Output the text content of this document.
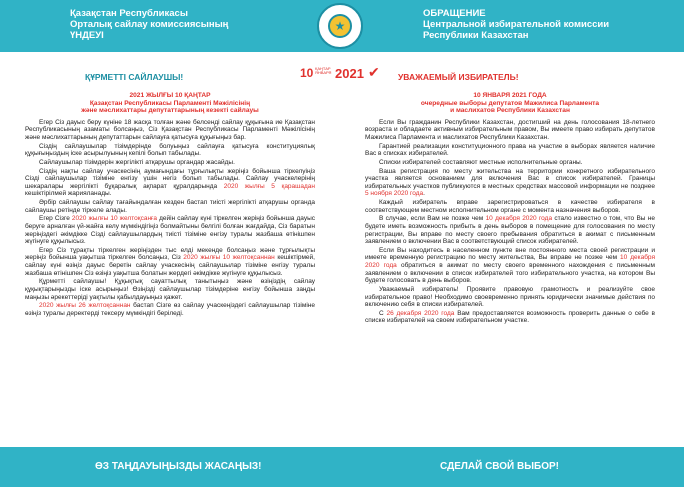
Қазақстан Республикасы
Орталық сайлау комиссиясының
ҮНДЕУІ
★
ОБРАЩЕНИЕ
Центральной избирательной комиссии
Республики Казахстан
ҚҰРМЕТТІ САЙЛАУШЫ!	10 ҚАҢТАР ЯНВАРЯ 2021 ✔ УВАЖАЕМЫЙ ИЗБИРАТЕЛЬ!
2021 ЖЫЛҒЫ 10 ҚАҢТАР
Қазақстан Республикасы Парламенті Мәжілісінің
және мәслихаттары депутаттарының кезекті сайлауы

Егер Сіз дауыс беру күніне 18 жасқа толған және белсенді сайлау құқығына ие Қазақстан Республикасының азаматы болсаңыз, Сіз Қазақстан Республикасы Парламенті Мәжілісінің және мәслихаттарының депутаттарын сайлауға қатысуға құқығыңыз бар.

Сіздің сайлаушылар тізімдерінде болуыңыз сайлауға қатысуға конституциялық құқығыңыздың іске асырылуының кепілі болып табылады.

Сайлаушылар тізімдерін жергілікті атқарушы органдар жасайды.

Сіздің нақты сайлау учаскесінің аумағындағы тұрғылықты жеріңіз бойынша тіркелуіңіз Сізді сайлаушылар тізіміне енгізу үшін негіз болып табылады. Сайлау учаскелерінің шекаралары жергілікті бұқаралық ақпарат құралдарында 2020 жылғы 5 қарашадан кешіктірілмей жарияланады.

Әрбір сайлаушы сайлау тағайындалған кезден бастап тиісті жергілікті атқарушы органда сайлаушы ретінде тіркеле алады.

Егер Сізге 2020 жылғы 10 желтоқсанға дейін сайлау күні тіркелген жеріңіз бойынша дауыс беруге арналған үй-жайға келу мүмкіндігіңіз болмайтыны белгілі болған жағдайда, Сіз баратын жеріңіздегі әкімдікке Сізді сайлаушылардың тиісті тізіміне енгізу туралы жазбаша өтінішпен жүгінуге құқылысыз.

Егер Сіз тұрақты тіркелген жеріңізден тыс елді мекенде болсаңыз және тұрғылықты жеріңіз бойынша уақытша тіркелген болсаңыз, Сіз 2020 жылғы 10 желтоқсаннан кешіктірмей, сайлау күні өзіңіз дауыс беретін сайлау учаскесінің сайлаушылар тізіміне енгізу туралы жазбаша өтінішпен Сіз өзіңіз уақытша болатын жердегі әкімдікке жүгінуге құқылысыз.

Құрметті сайлаушы! Құқықтық сауаттылық танытыңыз және өзіңіздің сайлау құқықтарыңызды іске асырыңыз! Өзіңізді сайлаушылар тізімдеріне енгізу бойынша заңды маңызы әрекеттеріді уақтылы қабылдауыңыз қажет.

2020 жылғы 26 желтоқсаннан бастап Сізге өз сайлау учаскеңіздегі сайлаушылар тізіміне өзіңіз туралы деректерді тексеру мүмкіндігі беріледі.

10 ЯНВАРЯ 2021 ГОДА
очередные выборы депутатов Мажилиса Парламента
и маслихатов Республики Казахстан

Если Вы гражданин Республики Казахстан, достигший на день голосования 18-летнего возраста и обладаете активным избирательным правом, Вы имеете право избирать депутатов Мажилиса Парламента и маслихатов Республики Казахстан.

Гарантией реализации конституционного права на участие в выборах является наличие Вас в списках избирателей.

Списки избирателей составляют местные исполнительные органы.

Ваша регистрация по месту жительства на территории конкретного избирательного участка является основанием для включения Вас в список избирателей. Границы избирательных участков публикуются в местных средствах массовой информации не позднее 5 ноября 2020 года.

Каждый избиратель вправе зарегистрироваться в качестве избирателя в соответствующем местном исполнительном органе с момента назначения выборов.

В случае, если Вам не позже чем 10 декабря 2020 года стало известно о том, что Вы не будете иметь возможность прибыть в день выборов в помещение для голосования по месту регистрации, Вы вправе по месту своего пребывания обратиться в акимат с письменным заявлением о включении Вас в соответствующий список избирателей.

Если Вы находитесь в населенном пункте вне постоянного места своей регистрации и имеете временную регистрацию по месту жительства, Вы вправе не позже чем 10 декабря 2020 года обратиться в акимат по месту своего временного нахождения с письменным заявлением о включении в список избирателей того избирательного участка, на котором Вы будете голосовать в день выборов.

Уважаемый избиратель! Проявите правовую грамотность и реализуйте свое избирательное право! Необходимо своевременно принять юридически значимые действия по включению себя в списки избирателей.

С 26 декабря 2020 года Вам предоставляется возможность проверить данные о себе в списке избирателей на своем избирательном участке.

ӨЗ ТАҢДАУЫҢЫЗДЫ ЖАСАҢЫЗ!	СДЕЛАЙ СВОЙ ВЫБОР!
